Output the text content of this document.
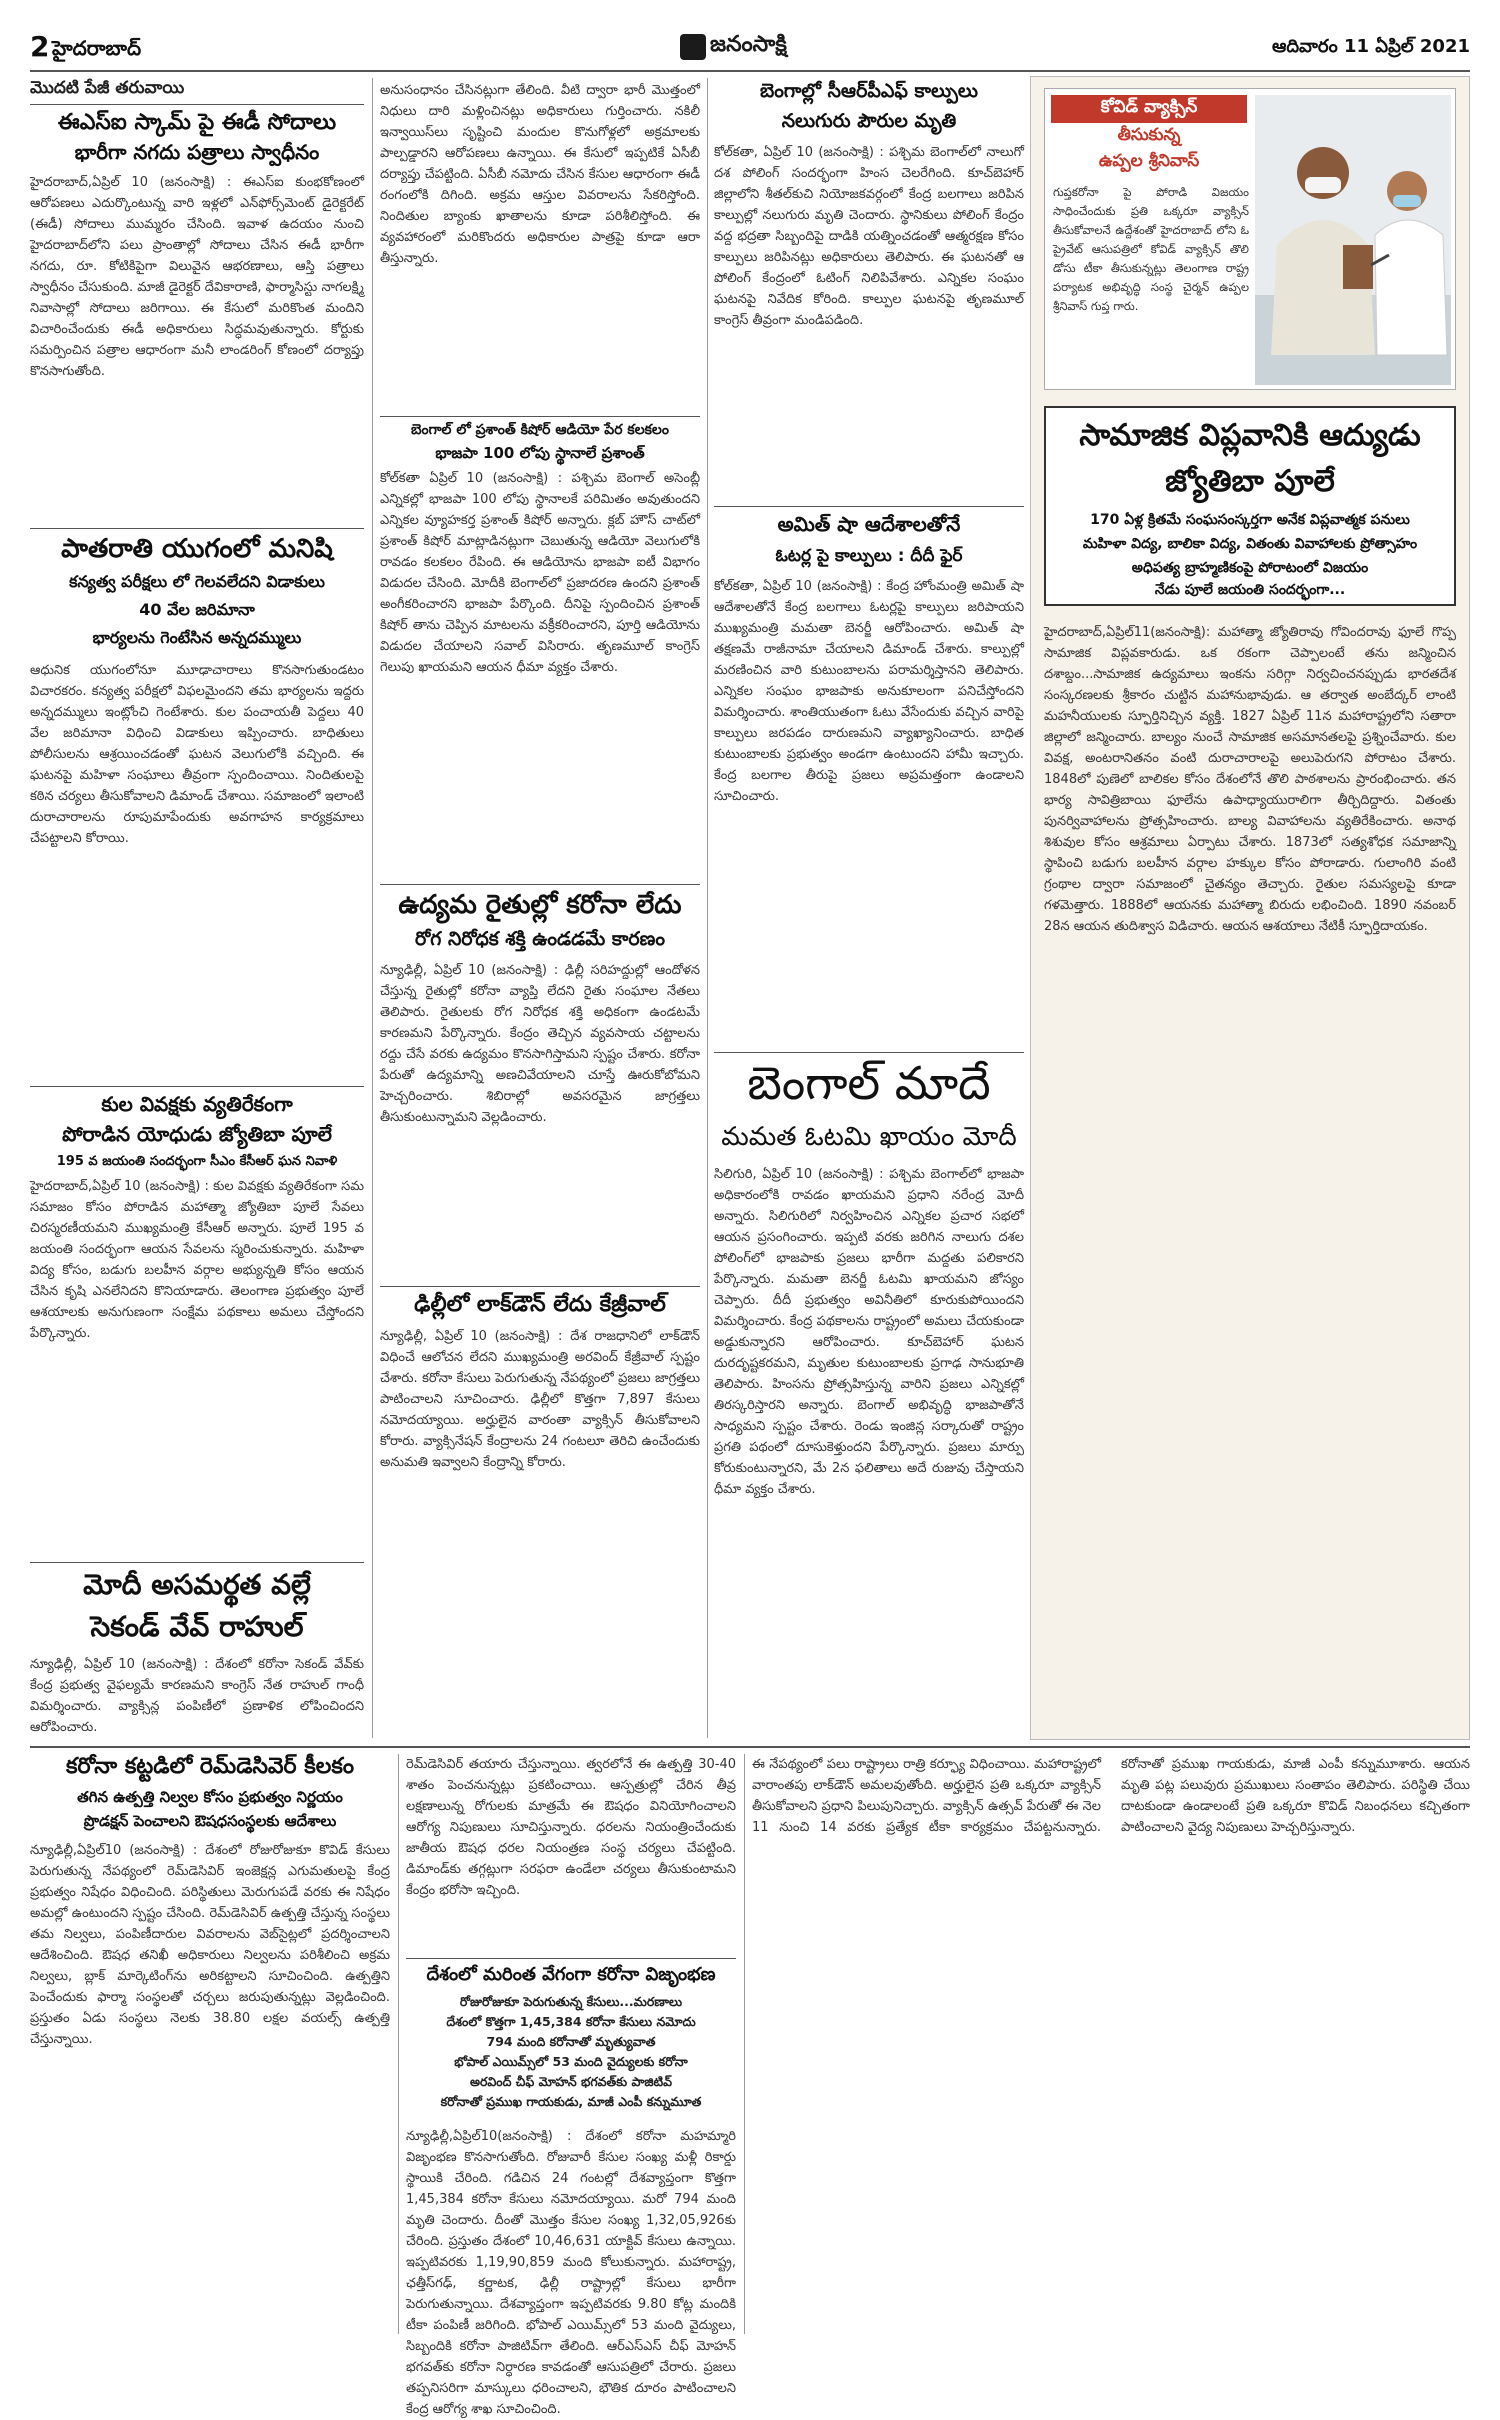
2 హైదరాబాద్	జనంసాక్షి	ఆదివారం 11 ఏప్రిల్ 2021
మొదటి పేజీ తరువాయి
ఈఎస్ఐ స్కామ్ పై ఈడీ సోదాలు
భారీగా నగదు పత్రాలు స్వాధీనం
హైదరాబాద్,ఏప్రిల్ 10 (జనంసాక్షి) : ఈఎస్ఐ కుంభకోణంలో ఆరోపణలు ఎదుర్కొంటున్న వారి ఇళ్లలో ఎన్‌ఫోర్స్‌మెంట్ డైరెక్టరేట్ (ఈడీ) సోదాలు ముమ్మరం చేసింది. ఇవాళ ఉదయం నుంచి హైదరాబాద్‌లోని పలు ప్రాంతాల్లో సోదాలు చేసిన ఈడీ భారీగా నగదు, రూ. కోటికిపైగా విలువైన ఆభరణాలు, ఆస్తి పత్రాలు స్వాధీనం చేసుకుంది. మాజీ డైరెక్టర్ దేవికారాణి, ఫార్మాసిస్టు నాగలక్ష్మి నివాసాల్లో సోదాలు జరిగాయి. ఈ కేసులో మరికొంత మందిని విచారించేందుకు ఈడీ అధికారులు సిద్ధమవుతున్నారు. కోర్టుకు సమర్పించిన పత్రాల ఆధారంగా మనీ లాండరింగ్ కోణంలో దర్యాప్తు కొనసాగుతోంది.
పాతరాతి యుగంలో మనిషి
కన్యత్వ పరీక్షలు లో గెలవలేదని విడాకులు
40 వేల జరిమానా
భార్యలను గెంటేసిన అన్నదమ్ములు
ఆధునిక యుగంలోనూ మూఢాచారాలు కొనసాగుతుండటం విచారకరం. కన్యత్వ పరీక్షలో విఫలమైందని తమ భార్యలను ఇద్దరు అన్నదమ్ములు ఇంట్లోంచి గెంటేశారు. కుల పంచాయతీ పెద్దలు 40 వేల జరిమానా విధించి విడాకులు ఇప్పించారు. బాధితులు పోలీసులను ఆశ్రయించడంతో ఘటన వెలుగులోకి వచ్చింది. ఈ ఘటనపై మహిళా సంఘాలు తీవ్రంగా స్పందించాయి. నిందితులపై కఠిన చర్యలు తీసుకోవాలని డిమాండ్ చేశాయి. సమాజంలో ఇలాంటి దురాచారాలను రూపుమాపేందుకు అవగాహన కార్యక్రమాలు చేపట్టాలని కోరాయి.
కుల వివక్షకు వ్యతిరేకంగా
పోరాడిన యోధుడు జ్యోతిబా పూలే
195 వ జయంతి సందర్భంగా సీఎం కేసీఆర్ ఘన నివాళి
హైదరాబాద్,ఏప్రిల్ 10 (జనంసాక్షి) : కుల వివక్షకు వ్యతిరేకంగా సమ సమాజం కోసం పోరాడిన మహాత్మా జ్యోతిబా పూలే సేవలు చిరస్మరణీయమని ముఖ్యమంత్రి కేసీఆర్ అన్నారు. పూలే 195 వ జయంతి సందర్భంగా ఆయన సేవలను స్మరించుకున్నారు. మహిళా విద్య కోసం, బడుగు బలహీన వర్గాల అభ్యున్నతి కోసం ఆయన చేసిన కృషి ఎనలేనిదని కొనియాడారు. తెలంగాణ ప్రభుత్వం పూలే ఆశయాలకు అనుగుణంగా సంక్షేమ పథకాలు అమలు చేస్తోందని పేర్కొన్నారు.
మోదీ అసమర్థత వల్లే
సెకండ్ వేవ్ రాహుల్
న్యూఢిల్లీ, ఏప్రిల్ 10 (జనంసాక్షి) : దేశంలో కరోనా సెకండ్ వేవ్‌కు కేంద్ర ప్రభుత్వ వైఫల్యమే కారణమని కాంగ్రెస్ నేత రాహుల్ గాంధీ విమర్శించారు. వ్యాక్సిన్ల పంపిణీలో ప్రణాళిక లోపించిందని ఆరోపించారు.
అనుసంధానం చేసినట్లుగా తేలింది. వీటి ద్వారా భారీ మొత్తంలో నిధులు దారి మళ్లించినట్లు అధికారులు గుర్తించారు. నకిలీ ఇన్వాయిస్‌లు సృష్టించి మందుల కొనుగోళ్లలో అక్రమాలకు పాల్పడ్డారని ఆరోపణలు ఉన్నాయి. ఈ కేసులో ఇప్పటికే ఏసీబీ దర్యాప్తు చేపట్టింది. ఏసీబీ నమోదు చేసిన కేసుల ఆధారంగా ఈడీ రంగంలోకి దిగింది. అక్రమ ఆస్తుల వివరాలను సేకరిస్తోంది. నిందితుల బ్యాంకు ఖాతాలను కూడా పరిశీలిస్తోంది. ఈ వ్యవహారంలో మరికొందరు అధికారుల పాత్రపై కూడా ఆరా తీస్తున్నారు.
బెంగాల్ లో ప్రశాంత్ కిషోర్ ఆడియో పేర కలకలం
భాజపా 100 లోపు స్థానాలే ప్రశాంత్
కోల్‌కతా ఏప్రిల్ 10 (జనంసాక్షి) : పశ్చిమ బెంగాల్ అసెంబ్లీ ఎన్నికల్లో భాజపా 100 లోపు స్థానాలకే పరిమితం అవుతుందని ఎన్నికల వ్యూహకర్త ప్రశాంత్ కిషోర్ అన్నారు. క్లబ్ హౌస్ చాట్‌లో ప్రశాంత్ కిషోర్ మాట్లాడినట్లుగా చెబుతున్న ఆడియో వెలుగులోకి రావడం కలకలం రేపింది. ఈ ఆడియోను భాజపా ఐటీ విభాగం విడుదల చేసింది. మోదీకి బెంగాల్‌లో ప్రజాదరణ ఉందని ప్రశాంత్ అంగీకరించారని భాజపా పేర్కొంది. దీనిపై స్పందించిన ప్రశాంత్ కిషోర్ తాను చెప్పిన మాటలను వక్రీకరించారని, పూర్తి ఆడియోను విడుదల చేయాలని సవాల్ విసిరారు. తృణమూల్ కాంగ్రెస్ గెలుపు ఖాయమని ఆయన ధీమా వ్యక్తం చేశారు.
ఉద్యమ రైతుల్లో కరోనా లేదు
రోగ నిరోధక శక్తి ఉండడమే కారణం
న్యూఢిల్లీ, ఏప్రిల్ 10 (జనంసాక్షి) : ఢిల్లీ సరిహద్దుల్లో ఆందోళన చేస్తున్న రైతుల్లో కరోనా వ్యాప్తి లేదని రైతు సంఘాల నేతలు తెలిపారు. రైతులకు రోగ నిరోధక శక్తి అధికంగా ఉండటమే కారణమని పేర్కొన్నారు. కేంద్రం తెచ్చిన వ్యవసాయ చట్టాలను రద్దు చేసే వరకు ఉద్యమం కొనసాగిస్తామని స్పష్టం చేశారు. కరోనా పేరుతో ఉద్యమాన్ని అణచివేయాలని చూస్తే ఊరుకోబోమని హెచ్చరించారు. శిబిరాల్లో అవసరమైన జాగ్రత్తలు తీసుకుంటున్నామని వెల్లడించారు.
ఢిల్లీలో లాక్‌డౌన్ లేదు కేజ్రీవాల్
న్యూఢిల్లీ, ఏప్రిల్ 10 (జనంసాక్షి) : దేశ రాజధానిలో లాక్‌డౌన్ విధించే ఆలోచన లేదని ముఖ్యమంత్రి అరవింద్ కేజ్రీవాల్ స్పష్టం చేశారు. కరోనా కేసులు పెరుగుతున్న నేపథ్యంలో ప్రజలు జాగ్రత్తలు పాటించాలని సూచించారు. ఢిల్లీలో కొత్తగా 7,897 కేసులు నమోదయ్యాయి. అర్హులైన వారంతా వ్యాక్సిన్ తీసుకోవాలని కోరారు. వ్యాక్సినేషన్ కేంద్రాలను 24 గంటలూ తెరిచి ఉంచేందుకు అనుమతి ఇవ్వాలని కేంద్రాన్ని కోరారు.
బెంగాల్లో సీఆర్‌పీఎఫ్ కాల్పులు
నలుగురు పౌరుల మృతి
కోల్‌కతా, ఏప్రిల్ 10 (జనంసాక్షి) : పశ్చిమ బెంగాల్‌లో నాలుగో దశ పోలింగ్ సందర్భంగా హింస చెలరేగింది. కూచ్‌బెహార్ జిల్లాలోని శీతల్‌కుచి నియోజకవర్గంలో కేంద్ర బలగాలు జరిపిన కాల్పుల్లో నలుగురు మృతి చెందారు. స్థానికులు పోలింగ్ కేంద్రం వద్ద భద్రతా సిబ్బందిపై దాడికి యత్నించడంతో ఆత్మరక్షణ కోసం కాల్పులు జరిపినట్లు అధికారులు తెలిపారు. ఈ ఘటనతో ఆ పోలింగ్ కేంద్రంలో ఓటింగ్ నిలిపివేశారు. ఎన్నికల సంఘం ఘటనపై నివేదిక కోరింది. కాల్పుల ఘటనపై తృణమూల్ కాంగ్రెస్ తీవ్రంగా మండిపడింది.
అమిత్ షా ఆదేశాలతోనే
ఓటర్ల పై కాల్పులు : దీదీ ఫైర్
కోల్‌కతా, ఏప్రిల్ 10 (జనంసాక్షి) : కేంద్ర హోంమంత్రి అమిత్ షా ఆదేశాలతోనే కేంద్ర బలగాలు ఓటర్లపై కాల్పులు జరిపాయని ముఖ్యమంత్రి మమతా బెనర్జీ ఆరోపించారు. అమిత్ షా తక్షణమే రాజీనామా చేయాలని డిమాండ్ చేశారు. కాల్పుల్లో మరణించిన వారి కుటుంబాలను పరామర్శిస్తానని తెలిపారు. ఎన్నికల సంఘం భాజపాకు అనుకూలంగా పనిచేస్తోందని విమర్శించారు. శాంతియుతంగా ఓటు వేసేందుకు వచ్చిన వారిపై కాల్పులు జరపడం దారుణమని వ్యాఖ్యానించారు. బాధిత కుటుంబాలకు ప్రభుత్వం అండగా ఉంటుందని హామీ ఇచ్చారు. కేంద్ర బలగాల తీరుపై ప్రజలు అప్రమత్తంగా ఉండాలని సూచించారు.
బెంగాల్ మాదే
మమత ఓటమి ఖాయం మోదీ
సిలిగురి, ఏప్రిల్ 10 (జనంసాక్షి) : పశ్చిమ బెంగాల్‌లో భాజపా అధికారంలోకి రావడం ఖాయమని ప్రధాని నరేంద్ర మోదీ అన్నారు. సిలిగురిలో నిర్వహించిన ఎన్నికల ప్రచార సభలో ఆయన ప్రసంగించారు. ఇప్పటి వరకు జరిగిన నాలుగు దశల పోలింగ్‌లో భాజపాకు ప్రజలు భారీగా మద్దతు పలికారని పేర్కొన్నారు. మమతా బెనర్జీ ఓటమి ఖాయమని జోస్యం చెప్పారు. దీదీ ప్రభుత్వం అవినీతిలో కూరుకుపోయిందని విమర్శించారు. కేంద్ర పథకాలను రాష్ట్రంలో అమలు చేయకుండా అడ్డుకున్నారని ఆరోపించారు. కూచ్‌బెహార్ ఘటన దురదృష్టకరమని, మృతుల కుటుంబాలకు ప్రగాఢ సానుభూతి తెలిపారు. హింసను ప్రోత్సహిస్తున్న వారిని ప్రజలు ఎన్నికల్లో తిరస్కరిస్తారని అన్నారు. బెంగాల్ అభివృద్ధి భాజపాతోనే సాధ్యమని స్పష్టం చేశారు. రెండు ఇంజిన్ల సర్కారుతో రాష్ట్రం ప్రగతి పథంలో దూసుకెళ్తుందని పేర్కొన్నారు. ప్రజలు మార్పు కోరుకుంటున్నారని, మే 2న ఫలితాలు అదే రుజువు చేస్తాయని ధీమా వ్యక్తం చేశారు.
కోవిడ్ వ్యాక్సిన్
తీసుకున్న
ఉప్పల శ్రీనివాస్
గుప్తకరోనా పై పోరాడి విజయం సాధించేందుకు ప్రతి ఒక్కరూ వ్యాక్సిన్ తీసుకోవాలనే ఉద్దేశంతో హైదరాబాద్ లోని ఓ ప్రైవేట్ ఆసుపత్రిలో కోవిడ్ వ్యాక్సిన్ తొలి డోసు టీకా తీసుకున్నట్లు తెలంగాణ రాష్ట్ర పర్యాటక అభివృద్ధి సంస్థ చైర్మన్ ఉప్పల శ్రీనివాస్ గుప్త గారు.
సామాజిక విప్లవానికి ఆద్యుడు
జ్యోతిబా పూలే
170 ఏళ్ల క్రితమే సంఘసంస్కర్తగా అనేక విప్లవాత్మక పనులు
మహిళా విద్య, బాలికా విద్య, వితంతు వివాహాలకు ప్రోత్సాహం
అధిపత్య బ్రాహ్మణికంపై పోరాటంలో విజయం
నేడు పూలే జయంతి సందర్భంగా...
హైదరాబాద్,ఏప్రిల్11(జనంసాక్షి): మహాత్మా జ్యోతిరావు గోవిందరావు ఫూలే గొప్ప సామాజిక విప్లవకారుడు. ఒక రకంగా చెప్పాలంటే తను జన్మించిన దశాబ్దం...సామాజిక ఉద్యమాలు ఇంకను సరిగ్గా నిర్వచించనప్పుడు భారతదేశ సంస్కరణలకు శ్రీకారం చుట్టిన మహానుభావుడు. ఆ తర్వాత అంబేద్కర్ లాంటి మహనీయులకు స్ఫూర్తినిచ్చిన వ్యక్తి. 1827 ఏప్రిల్ 11న మహారాష్ట్రలోని సతారా జిల్లాలో జన్మించారు. బాల్యం నుంచే సామాజిక అసమానతలపై ప్రశ్నించేవారు. కుల వివక్ష, అంటరానితనం వంటి దురాచారాలపై అలుపెరుగని పోరాటం చేశారు. 1848లో పుణెలో బాలికల కోసం దేశంలోనే తొలి పాఠశాలను ప్రారంభించారు. తన భార్య సావిత్రిబాయి ఫూలేను ఉపాధ్యాయురాలిగా తీర్చిదిద్దారు. వితంతు పునర్వివాహాలను ప్రోత్సహించారు. బాల్య వివాహాలను వ్యతిరేకించారు. అనాథ శిశువుల కోసం ఆశ్రమాలు ఏర్పాటు చేశారు. 1873లో సత్యశోధక సమాజాన్ని స్థాపించి బడుగు బలహీన వర్గాల హక్కుల కోసం పోరాడారు. గులాంగిరి వంటి గ్రంథాల ద్వారా సమాజంలో చైతన్యం తెచ్చారు. రైతుల సమస్యలపై కూడా గళమెత్తారు. 1888లో ఆయనకు మహాత్మా బిరుదు లభించింది. 1890 నవంబర్ 28న ఆయన తుదిశ్వాస విడిచారు. ఆయన ఆశయాలు నేటికీ స్ఫూర్తిదాయకం.
కరోనా కట్టడిలో రెమ్‌డెసివెర్ కీలకం
తగిన ఉత్పత్తి నిల్వల కోసం ప్రభుత్వం నిర్ణయం
ప్రొడక్షన్ పెంచాలని ఔషధసంస్థలకు ఆదేశాలు
న్యూఢిల్లీ,ఏప్రిల్10 (జనంసాక్షి) : దేశంలో రోజురోజుకూ కొవిడ్ కేసులు పెరుగుతున్న నేపథ్యంలో రెమ్‌డెసివిర్ ఇంజెక్షన్ల ఎగుమతులపై కేంద్ర ప్రభుత్వం నిషేధం విధించింది. పరిస్థితులు మెరుగుపడే వరకు ఈ నిషేధం అమల్లో ఉంటుందని స్పష్టం చేసింది. రెమ్‌డెసివిర్ ఉత్పత్తి చేస్తున్న సంస్థలు తమ నిల్వలు, పంపిణీదారుల వివరాలను వెబ్‌సైట్లలో ప్రదర్శించాలని ఆదేశించింది. ఔషధ తనిఖీ అధికారులు నిల్వలను పరిశీలించి అక్రమ నిల్వలు, బ్లాక్ మార్కెటింగ్‌ను అరికట్టాలని సూచించింది. ఉత్పత్తిని పెంచేందుకు ఫార్మా సంస్థలతో చర్చలు జరుపుతున్నట్లు వెల్లడించింది. ప్రస్తుతం ఏడు సంస్థలు నెలకు 38.80 లక్షల వయల్స్ ఉత్పత్తి చేస్తున్నాయి.
రెమ్‌డెసివిర్ తయారు చేస్తున్నాయి. త్వరలోనే ఈ ఉత్పత్తి 30-40 శాతం పెంచనున్నట్లు ప్రకటించాయి. ఆస్పత్రుల్లో చేరిన తీవ్ర లక్షణాలున్న రోగులకు మాత్రమే ఈ ఔషధం వినియోగించాలని ఆరోగ్య నిపుణులు సూచిస్తున్నారు. ధరలను నియంత్రించేందుకు జాతీయ ఔషధ ధరల నియంత్రణ సంస్థ చర్యలు చేపట్టింది. డిమాండ్‌కు తగ్గట్లుగా సరఫరా ఉండేలా చర్యలు తీసుకుంటామని కేంద్రం భరోసా ఇచ్చింది.
దేశంలో మరింత వేగంగా కరోనా విజృంభణ
రోజురోజుకూ పెరుగుతున్న కేసులు...మరణాలు
దేశంలో కొత్తగా 1,45,384 కరోనా కేసులు నమోదు
794 మంది కరోనాతో మృత్యువాత
భోపాల్ ఎయిమ్స్‌లో 53 మంది వైద్యులకు కరోనా
అరవింద్ చీఫ్ మోహన్ భగవత్‌కు పాజిటివ్
కరోనాతో ప్రముఖ గాయకుడు, మాజీ ఎంపీ కన్నుమూత
న్యూఢిల్లీ,ఏప్రిల్10(జనంసాక్షి) : దేశంలో కరోనా మహమ్మారి విజృంభణ కొనసాగుతోంది. రోజువారీ కేసుల సంఖ్య మళ్లీ రికార్డు స్థాయికి చేరింది. గడిచిన 24 గంటల్లో దేశవ్యాప్తంగా కొత్తగా 1,45,384 కరోనా కేసులు నమోదయ్యాయి. మరో 794 మంది మృతి చెందారు. దీంతో మొత్తం కేసుల సంఖ్య 1,32,05,926కు చేరింది. ప్రస్తుతం దేశంలో 10,46,631 యాక్టివ్ కేసులు ఉన్నాయి. ఇప్పటివరకు 1,19,90,859 మంది కోలుకున్నారు. మహారాష్ట్ర, ఛత్తీస్‌గఢ్, కర్ణాటక, ఢిల్లీ రాష్ట్రాల్లో కేసులు భారీగా పెరుగుతున్నాయి. దేశవ్యాప్తంగా ఇప్పటివరకు 9.80 కోట్ల మందికి టీకా పంపిణీ జరిగింది. భోపాల్ ఎయిమ్స్‌లో 53 మంది వైద్యులు, సిబ్బందికి కరోనా పాజిటివ్‌గా తేలింది. ఆర్‌ఎస్‌ఎస్ చీఫ్ మోహన్ భగవత్‌కు కరోనా నిర్ధారణ కావడంతో ఆసుపత్రిలో చేరారు. ప్రజలు తప్పనిసరిగా మాస్కులు ధరించాలని, భౌతిక దూరం పాటించాలని కేంద్ర ఆరోగ్య శాఖ సూచించింది.
ఈ నేపథ్యంలో పలు రాష్ట్రాలు రాత్రి కర్ఫ్యూ విధించాయి. మహారాష్ట్రలో వారాంతపు లాక్‌డౌన్ అమలవుతోంది. అర్హులైన ప్రతి ఒక్కరూ వ్యాక్సిన్ తీసుకోవాలని ప్రధాని పిలుపునిచ్చారు. వ్యాక్సిన్ ఉత్సవ్ పేరుతో ఈ నెల 11 నుంచి 14 వరకు ప్రత్యేక టీకా కార్యక్రమం చేపట్టనున్నారు. కరోనాతో ప్రముఖ గాయకుడు, మాజీ ఎంపీ కన్నుమూశారు. ఆయన మృతి పట్ల పలువురు ప్రముఖులు సంతాపం తెలిపారు. పరిస్థితి చేయి దాటకుండా ఉండాలంటే ప్రతి ఒక్కరూ కొవిడ్ నిబంధనలు కచ్చితంగా పాటించాలని వైద్య నిపుణులు హెచ్చరిస్తున్నారు.
